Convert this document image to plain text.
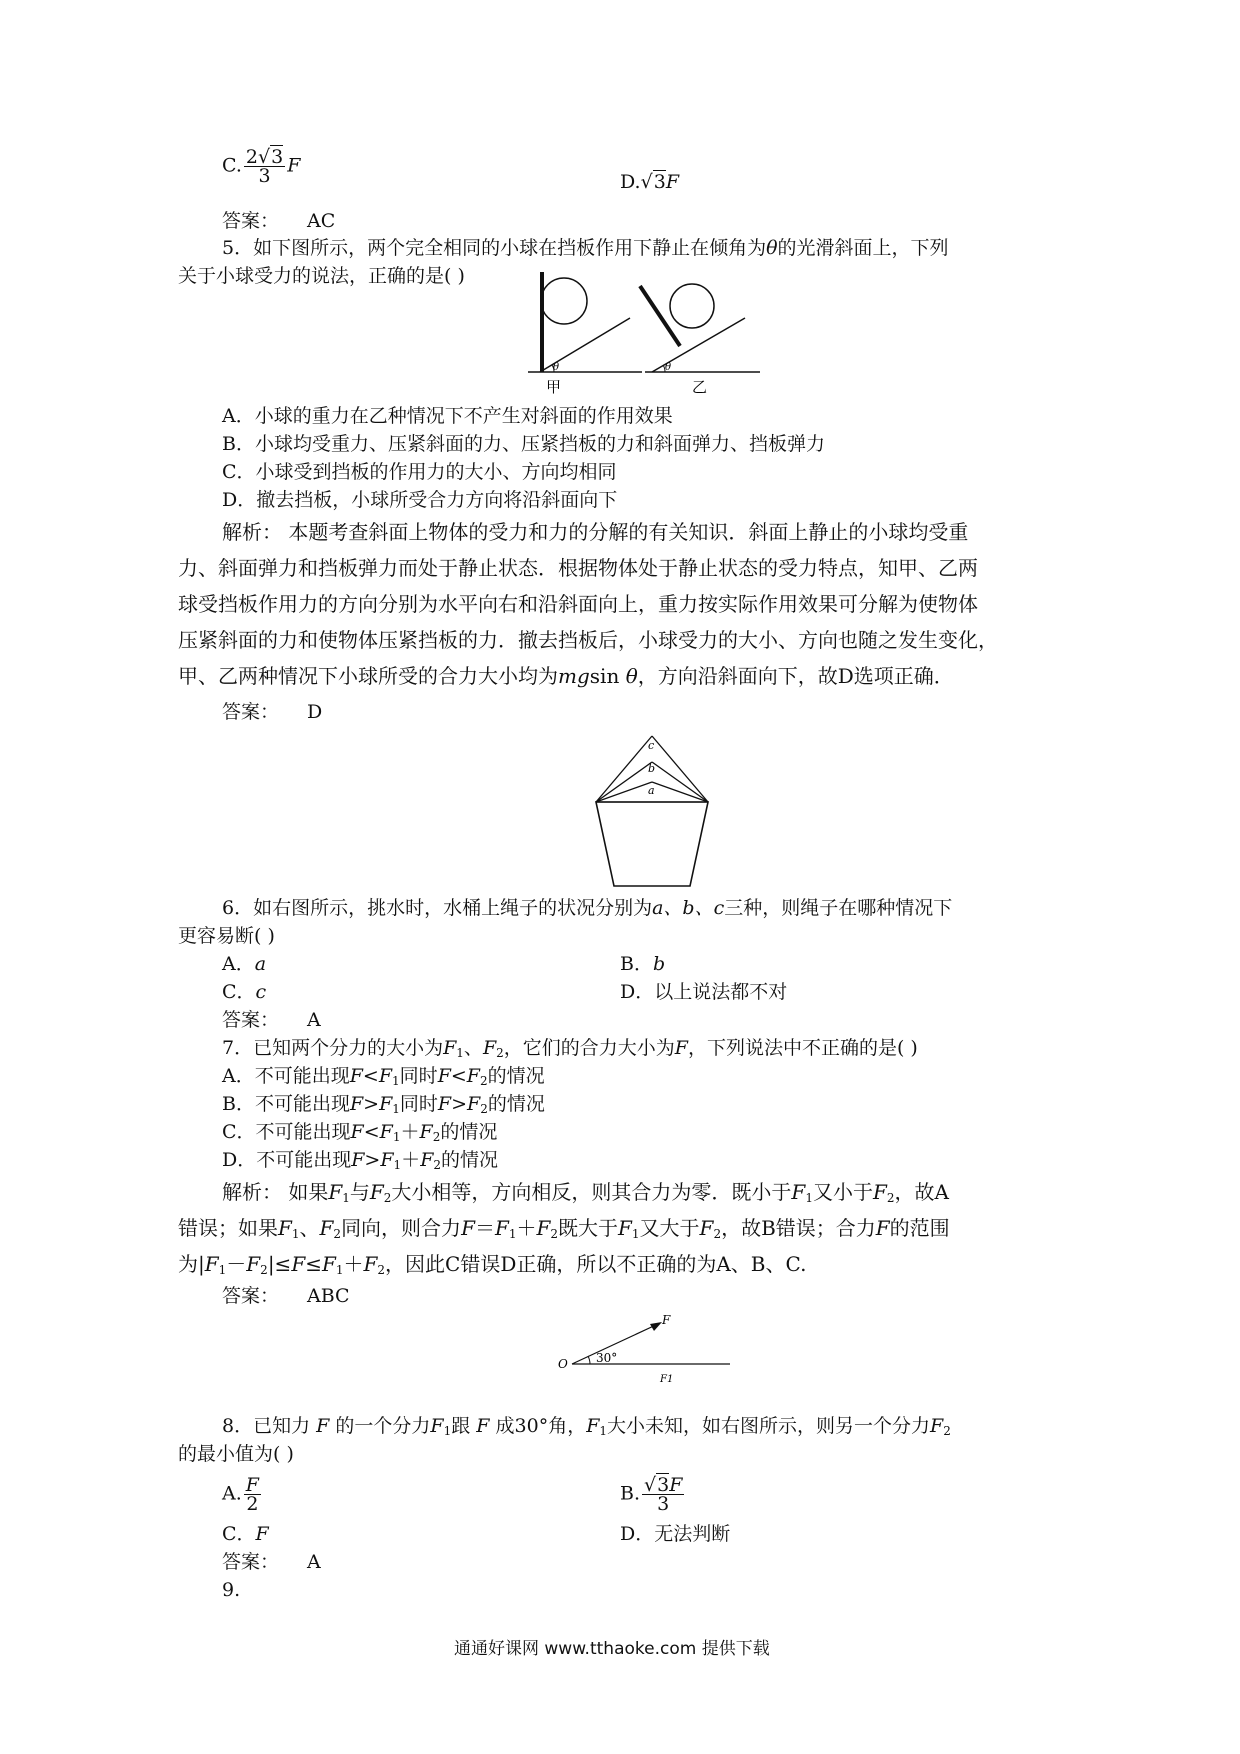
C. $\frac{2√3}{3}$ F
D.√3F
答案： AC
5．如下图所示，两个完全相同的小球在挡板作用下静止在倾角为θ的光滑斜面上，下列
关于小球受力的说法，正确的是( )
θ
甲
θ
乙
A．小球的重力在乙种情况下不产生对斜面的作用效果
B．小球均受重力、压紧斜面的力、压紧挡板的力和斜面弹力、挡板弹力
C．小球受到挡板的作用力的大小、方向均相同
D．撤去挡板，小球所受合力方向将沿斜面向下
解析： 本题考查斜面上物体的受力和力的分解的有关知识．斜面上静止的小球均受重
力、斜面弹力和挡板弹力而处于静止状态．根据物体处于静止状态的受力特点，知甲、乙两
球受挡板作用力的方向分别为水平向右和沿斜面向上，重力按实际作用效果可分解为使物体
压紧斜面的力和使物体压紧挡板的力．撤去挡板后，小球受力的大小、方向也随之发生变化，
甲、乙两种情况下小球所受的合力大小均为mgsin θ，方向沿斜面向下，故D选项正确．
答案： D
c
b
a
6．如右图所示，挑水时，水桶上绳子的状况分别为a、b、c三种，则绳子在哪种情况下
更容易断( )
A．a	B．b
C．c	D．以上说法都不对
答案： A
7．已知两个分力的大小为$F_1$、$F_2$，它们的合力大小为F，下列说法中不正确的是( )
A．不可能出现$F<F_1$同时$F<F_2$的情况
B．不可能出现$F>F_1$同时$F>F_2$的情况
C．不可能出现$F<F_1+F_2$的情况
D．不可能出现$F>F_1+F_2$的情况
解析： 如果$F_1$与$F_2$大小相等，方向相反，则其合力为零．既小于$F_1$又小于$F_2$，故A
错误；如果$F_1$、$F_2$同向，则合力$F=F_1+F_2$既大于$F_1$又大于$F_2$，故B错误；合力F的范围
为$|F_1-F_2|\le F\le F_1+F_2$，因此C错误D正确，所以不正确的为A、B、C.
答案： ABC
F
O 30°
F1
8．已知力 F 的一个分力$F_1$跟 F 成30°角，$F_1$大小未知，如右图所示，则另一个分力$F_2$
的最小值为( )
A. $\frac{F}{2}$	B. $\frac{√3F}{3}$
C．F	D．无法判断
答案： A
9.
通通好课网 www.tthaoke.com 提供下载
